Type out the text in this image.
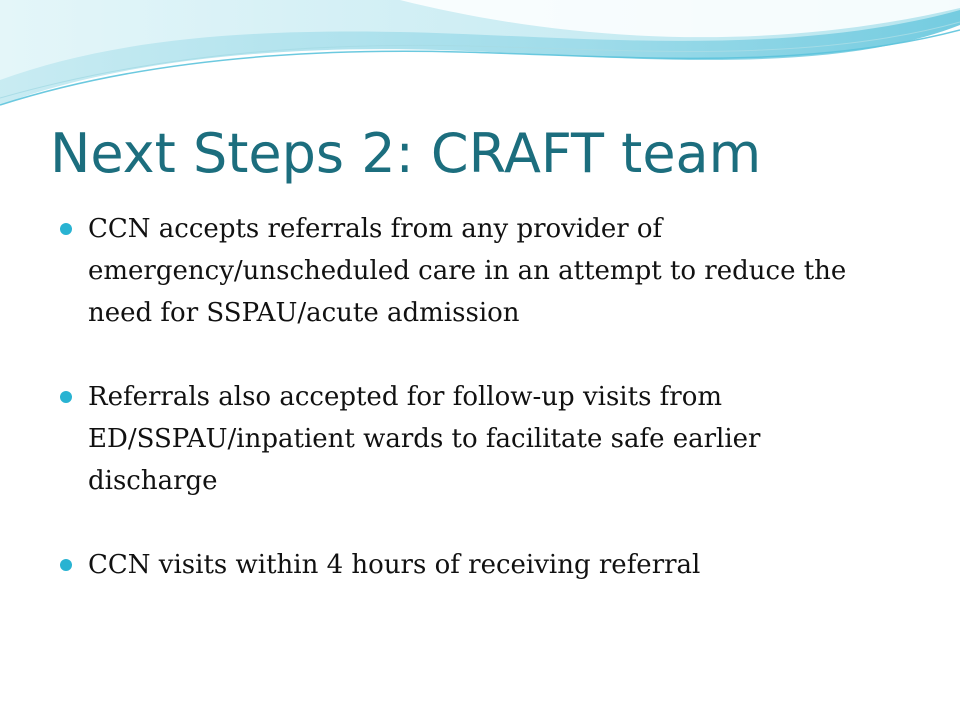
Next Steps 2: CRAFT team
CCN accepts referrals from any provider of emergency/unscheduled care in an attempt to reduce the need for SSPAU/acute admission
Referrals also accepted for follow-up visits from ED/SSPAU/inpatient wards to facilitate safe earlier discharge
CCN visits within 4 hours of receiving referral
